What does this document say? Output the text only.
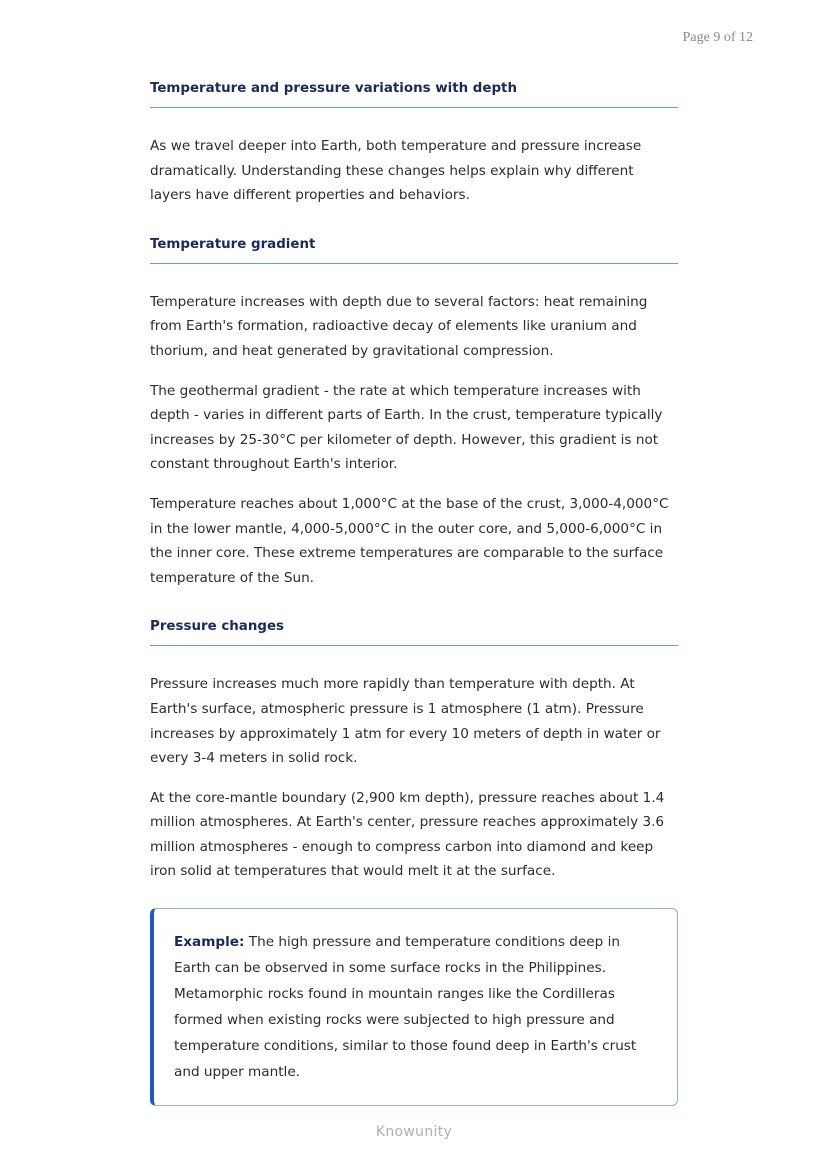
Page 9 of 12
Temperature and pressure variations with depth

As we travel deeper into Earth, both temperature and pressure increase dramatically. Understanding these changes helps explain why different layers have different properties and behaviors.

Temperature gradient

Temperature increases with depth due to several factors: heat remaining from Earth's formation, radioactive decay of elements like uranium and thorium, and heat generated by gravitational compression.

The geothermal gradient - the rate at which temperature increases with depth - varies in different parts of Earth. In the crust, temperature typically increases by 25-30°C per kilometer of depth. However, this gradient is not constant throughout Earth's interior.

Temperature reaches about 1,000°C at the base of the crust, 3,000-4,000°C in the lower mantle, 4,000-5,000°C in the outer core, and 5,000-6,000°C in the inner core. These extreme temperatures are comparable to the surface temperature of the Sun.

Pressure changes

Pressure increases much more rapidly than temperature with depth. At Earth's surface, atmospheric pressure is 1 atmosphere (1 atm). Pressure increases by approximately 1 atm for every 10 meters of depth in water or every 3-4 meters in solid rock.

At the core-mantle boundary (2,900 km depth), pressure reaches about 1.4 million atmospheres. At Earth's center, pressure reaches approximately 3.6 million atmospheres - enough to compress carbon into diamond and keep iron solid at temperatures that would melt it at the surface.

Example: The high pressure and temperature conditions deep in Earth can be observed in some surface rocks in the Philippines. Metamorphic rocks found in mountain ranges like the Cordilleras formed when existing rocks were subjected to high pressure and temperature conditions, similar to those found deep in Earth's crust and upper mantle.
Knowunity
